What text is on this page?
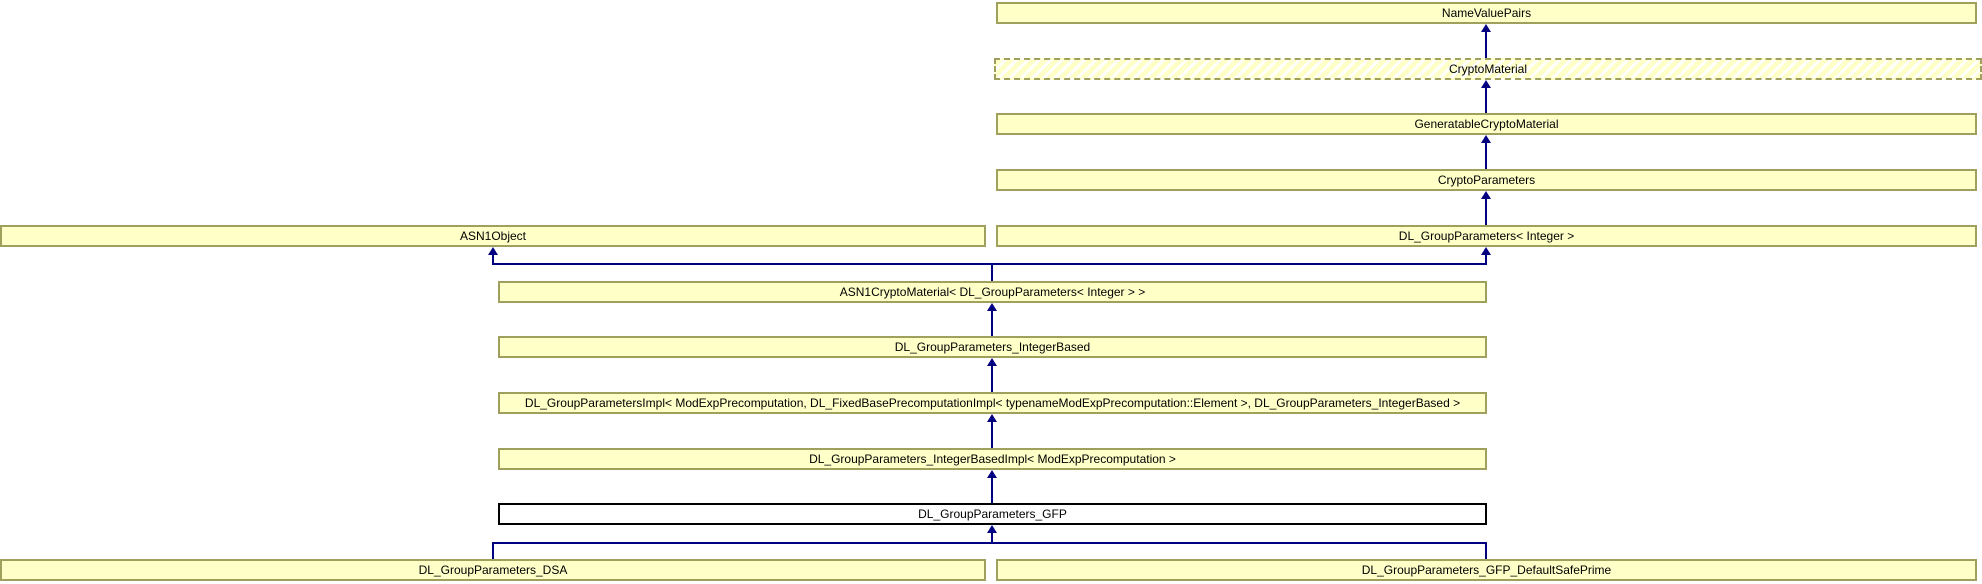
NameValuePairs
CryptoMaterial
GeneratableCryptoMaterial
CryptoParameters
ASN1Object	DL_GroupParameters< Integer >
ASN1CryptoMaterial< DL_GroupParameters< Integer > >
DL_GroupParameters_IntegerBased
DL_GroupParametersImpl< ModExpPrecomputation, DL_FixedBasePrecomputationImpl< typenameModExpPrecomputation::Element >, DL_GroupParameters_IntegerBased >
DL_GroupParameters_IntegerBasedImpl< ModExpPrecomputation >
DL_GroupParameters_GFP
DL_GroupParameters_DSA	DL_GroupParameters_GFP_DefaultSafePrime
